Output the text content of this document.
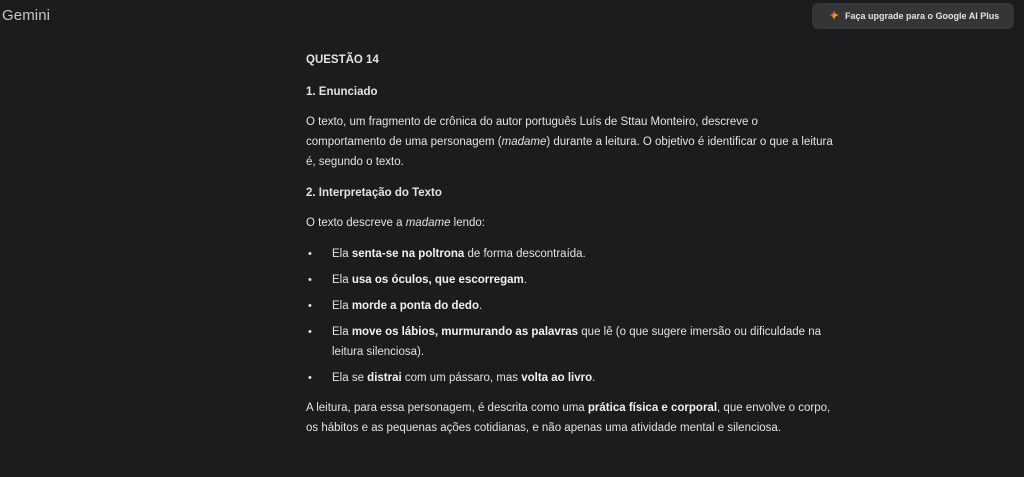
Gemini	Faça upgrade para o Google AI Plus
QUESTÃO 14
1. Enunciado

O texto, um fragmento de crônica do autor português Luís de Sttau Monteiro, descreve o comportamento de uma personagem (madame) durante a leitura. O objetivo é identificar o que a leitura é, segundo o texto.

2. Interpretação do Texto

O texto descreve a madame lendo:

• Ela senta-se na poltrona de forma descontraída.
• Ela usa os óculos, que escorregam.
• Ela morde a ponta do dedo.
• Ela move os lábios, murmurando as palavras que lê (o que sugere imersão ou dificuldade na leitura silenciosa).
• Ela se distrai com um pássaro, mas volta ao livro.

A leitura, para essa personagem, é descrita como uma prática física e corporal, que envolve o corpo, os hábitos e as pequenas ações cotidianas, e não apenas uma atividade mental e silenciosa.
